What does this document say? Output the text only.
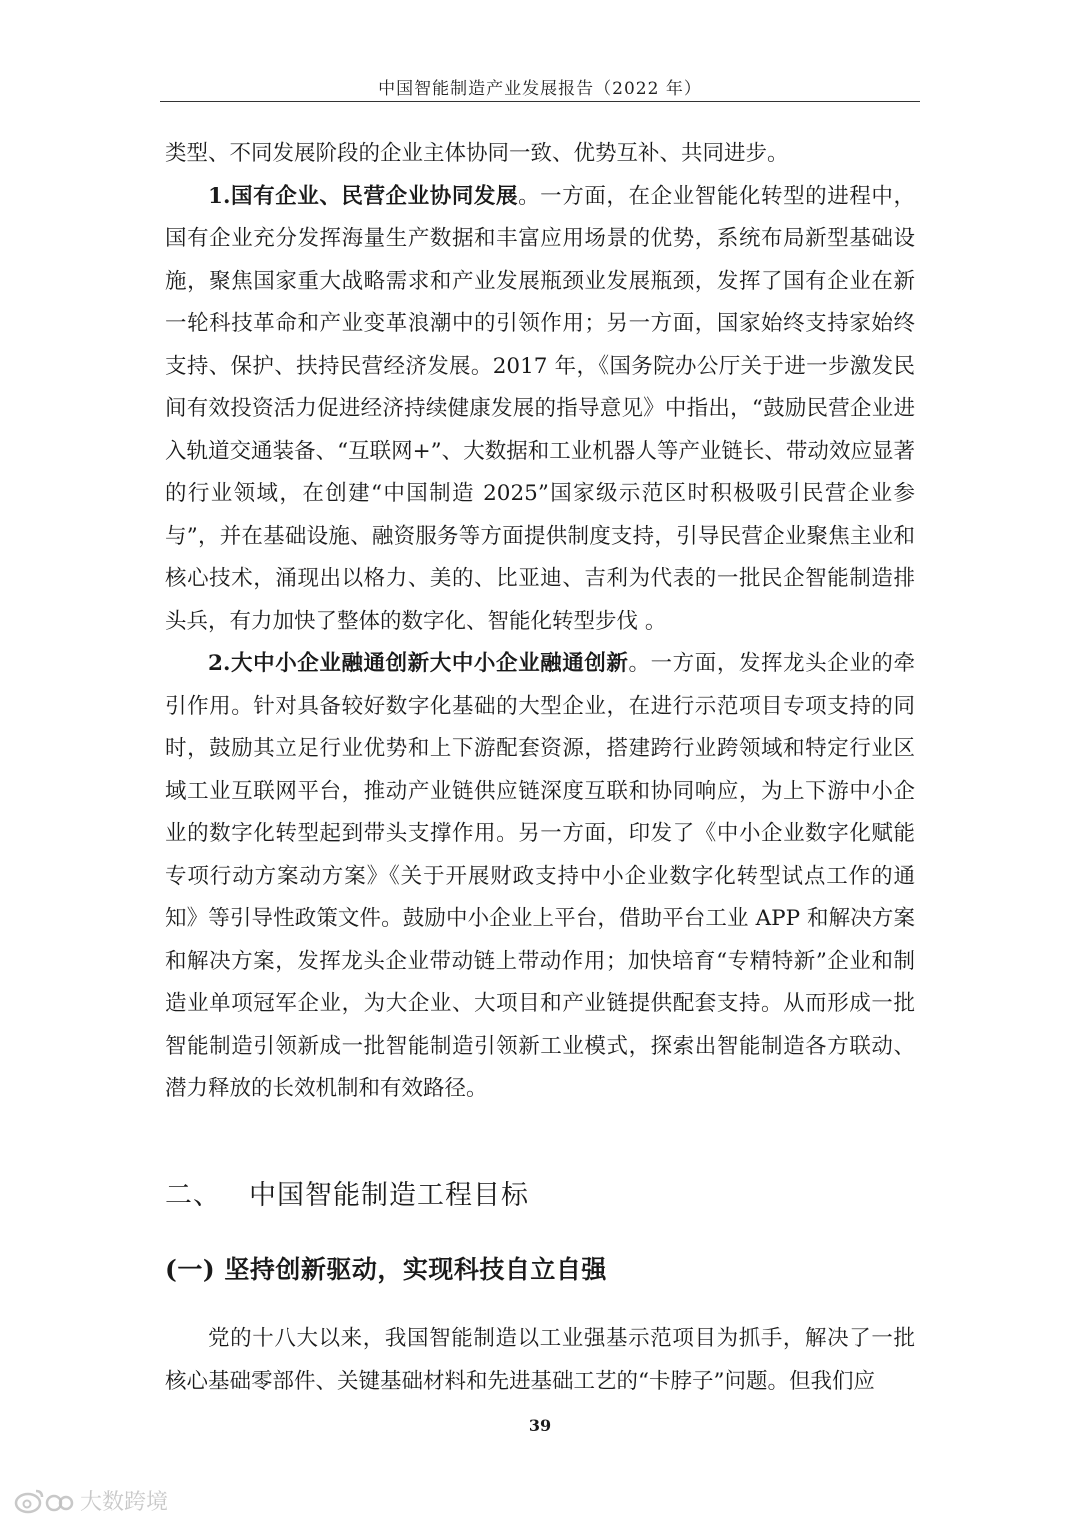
中国智能制造产业发展报告（2022 年）

类型、不同发展阶段的企业主体协同一致、优势互补、共同进步。

1.国有企业、民营企业协同发展。一方面，在企业智能化转型的进程中，国有企业充分发挥海量生产数据和丰富应用场景的优势，系统布局新型基础设施，聚焦国家重大战略需求和产业发展瓶颈业发展瓶颈，发挥了国有企业在新一轮科技革命和产业变革浪潮中的引领作用；另一方面，国家始终支持家始终支持、保护、扶持民营经济发展。2017 年，《国务院办公厅关于进一步激发民间有效投资活力促进经济持续健康发展的指导意见》中指出，“鼓励民营企业进入轨道交通装备、“互联网+”、大数据和工业机器人等产业链长、带动效应显著的行业领域，在创建“中国制造 2025”国家级示范区时积极吸引民营企业参与”，并在基础设施、融资服务等方面提供制度支持，引导民营企业聚焦主业和核心技术，涌现出以格力、美的、比亚迪、吉利为代表的一批民企智能制造排头兵，有力加快了整体的数字化、智能化转型步伐 。

2.大中小企业融通创新大中小企业融通创新。一方面，发挥龙头企业的牵引作用。针对具备较好数字化基础的大型企业，在进行示范项目专项支持的同时，鼓励其立足行业优势和上下游配套资源，搭建跨行业跨领域和特定行业区域工业互联网平台，推动产业链供应链深度互联和协同响应，为上下游中小企业的数字化转型起到带头支撑作用。另一方面，印发了《中小企业数字化赋能专项行动方案动方案》《关于开展财政支持中小企业数字化转型试点工作的通知》等引导性政策文件。鼓励中小企业上平台，借助平台工业 APP 和解决方案和解决方案，发挥龙头企业带动链上带动作用；加快培育“专精特新”企业和制造业单项冠军企业，为大企业、大项目和产业链提供配套支持。从而形成一批智能制造引领新成一批智能制造引领新工业模式，探索出智能制造各方联动、潜力释放的长效机制和有效路径。

二、 中国智能制造工程目标
(一) 坚持创新驱动，实现科技自立自强

党的十八大以来，我国智能制造以工业强基示范项目为抓手，解决了一批核心基础零部件、关键基础材料和先进基础工艺的“卡脖子”问题。但我们应

39
大数跨境
